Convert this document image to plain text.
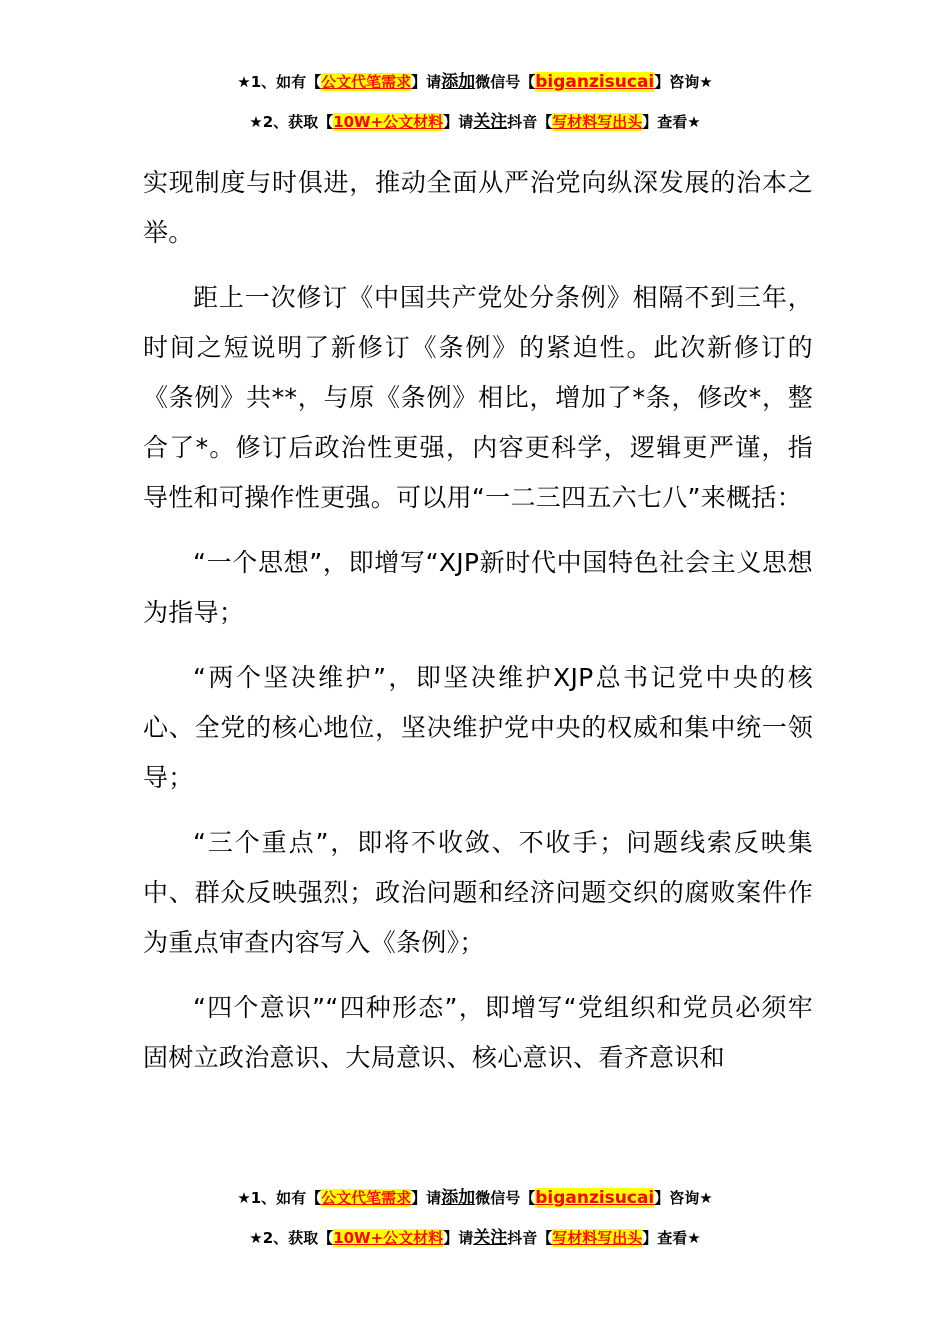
★1、如有【公文代笔需求】请添加微信号【biganzisucai】咨询★
★2、获取【10W+公文材料】请关注抖音【写材料写出头】查看★

实现制度与时俱进，推动全面从严治党向纵深发展的治本之举。

距上一次修订《中国共产党处分条例》相隔不到三年，时间之短说明了新修订《条例》的紧迫性。此次新修订的《条例》共**，与原《条例》相比，增加了*条，修改*，整合了*。修订后政治性更强，内容更科学，逻辑更严谨，指导性和可操作性更强。可以用“一二三四五六七八”来概括：

“一个思想”，即增写“XJP新时代中国特色社会主义思想为指导；

“两个坚决维护”，即坚决维护XJP总书记党中央的核心、全党的核心地位，坚决维护党中央的权威和集中统一领导；

“三个重点”，即将不收敛、不收手；问题线索反映集中、群众反映强烈；政治问题和经济问题交织的腐败案件作为重点审查内容写入《条例》；

“四个意识”“四种形态”，即增写“党组织和党员必须牢固树立政治意识、大局意识、核心意识、看齐意识和

★1、如有【公文代笔需求】请添加微信号【biganzisucai】咨询★
★2、获取【10W+公文材料】请关注抖音【写材料写出头】查看★
